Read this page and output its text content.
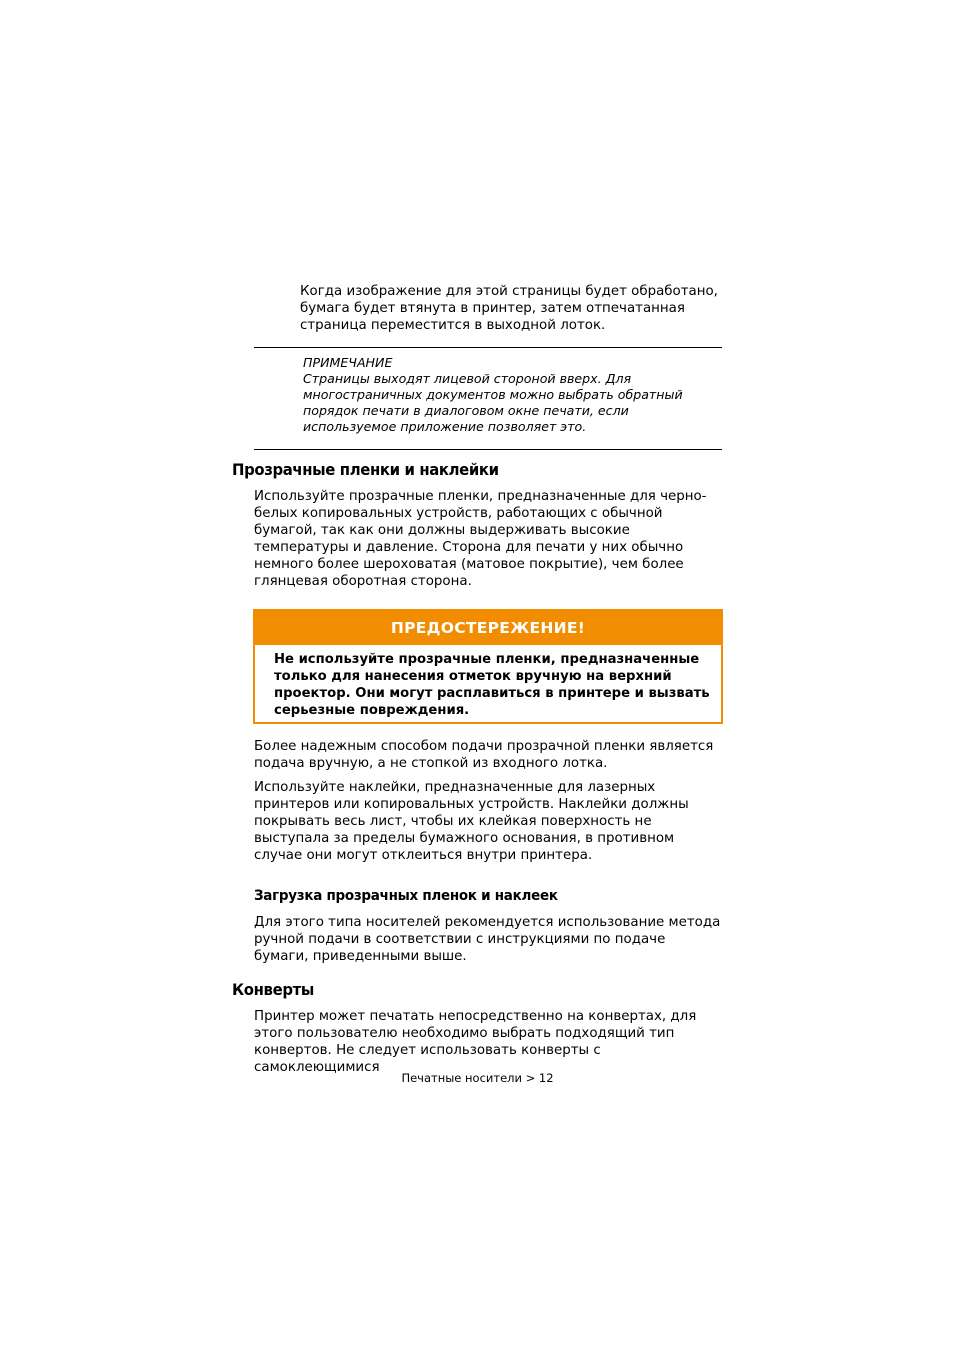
Когда изображение для этой страницы будет обработано, бумага будет втянута в принтер, затем отпечатанная страница переместится в выходной лоток.

ПРИМЕЧАНИЕ

Страницы выходят лицевой стороной вверх. Для многостраничных документов можно выбрать обратный порядок печати в диалоговом окне печати, если используемое приложение позволяет это.

Прозрачные пленки и наклейки

Используйте прозрачные пленки, предназначенные для черно-белых копировальных устройств, работающих с обычной бумагой, так как они должны выдерживать высокие температуры и давление. Сторона для печати у них обычно немного более шероховатая (матовое покрытие), чем более глянцевая оборотная сторона.

ПРЕДОСТЕРЕЖЕНИЕ!
Не используйте прозрачные пленки, предназначенные только для нанесения отметок вручную на верхний проектор. Они могут расплавиться в принтере и вызвать серьезные повреждения.

Более надежным способом подачи прозрачной пленки является подача вручную, а не стопкой из входного лотка.

Используйте наклейки, предназначенные для лазерных принтеров или копировальных устройств. Наклейки должны покрывать весь лист, чтобы их клейкая поверхность не выступала за пределы бумажного основания, в противном случае они могут отклеиться внутри принтера.

Загрузка прозрачных пленок и наклеек

Для этого типа носителей рекомендуется использование метода ручной подачи в соответствии с инструкциями по подаче бумаги, приведенными выше.

Конверты

Принтер может печатать непосредственно на конвертах, для этого пользователю необходимо выбрать подходящий тип конвертов. Не следует использовать конверты с самоклеющимися

Печатные носители > 12
